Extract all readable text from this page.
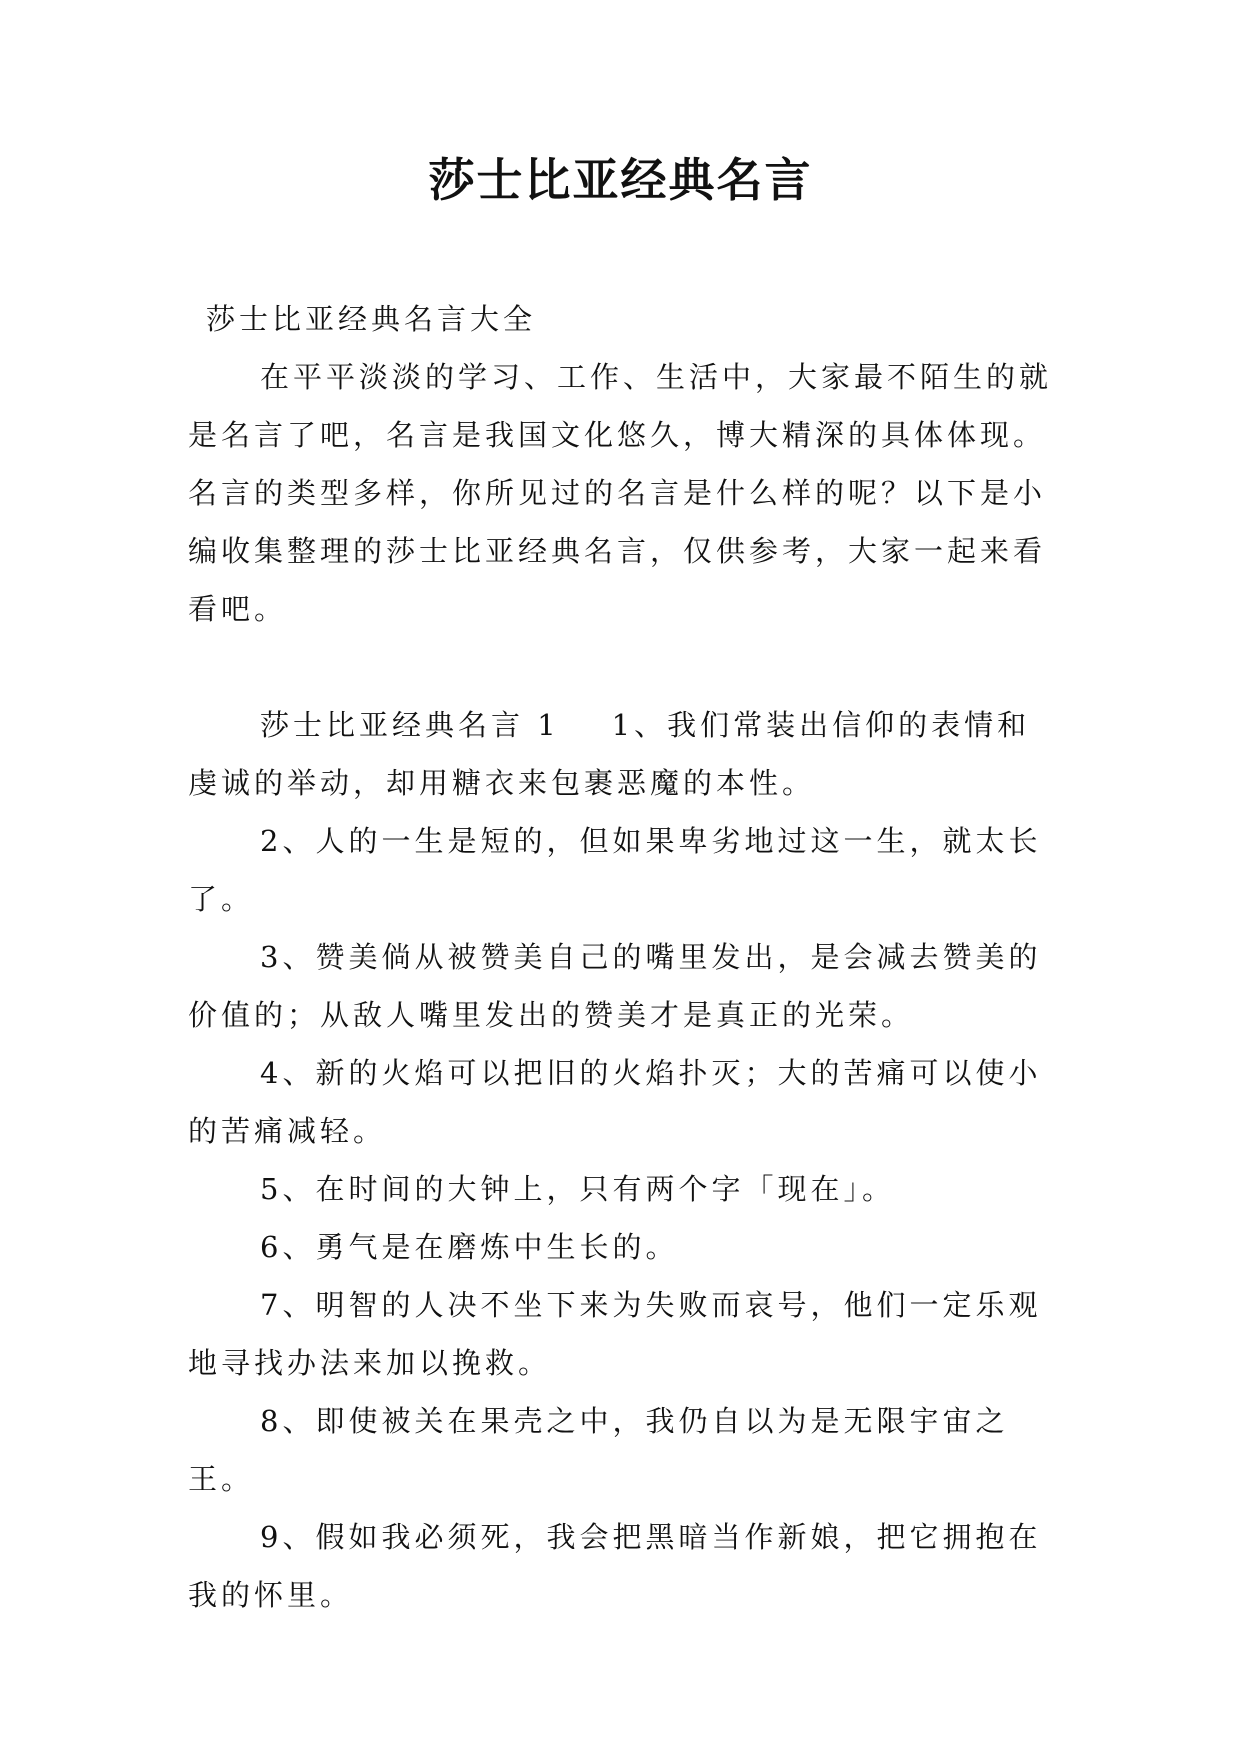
莎士比亚经典名言

莎士比亚经典名言大全

在平平淡淡的学习、工作、生活中，大家最不陌生的就是名言了吧，名言是我国文化悠久，博大精深的具体体现。名言的类型多样，你所见过的名言是什么样的呢？以下是小编收集整理的莎士比亚经典名言，仅供参考，大家一起来看看吧。

莎士比亚经典名言 1 1、我们常装出信仰的表情和虔诚的举动，却用糖衣来包裹恶魔的本性。

2、人的一生是短的，但如果卑劣地过这一生，就太长了。

3、赞美倘从被赞美自己的嘴里发出，是会减去赞美的价值的；从敌人嘴里发出的赞美才是真正的光荣。

4、新的火焰可以把旧的火焰扑灭；大的苦痛可以使小的苦痛减轻。

5、在时间的大钟上，只有两个字「现在」。

6、勇气是在磨炼中生长的。

7、明智的人决不坐下来为失败而哀号，他们一定乐观地寻找办法来加以挽救。

8、即使被关在果壳之中，我仍自以为是无限宇宙之王。

9、假如我必须死，我会把黑暗当作新娘，把它拥抱在我的怀里。
